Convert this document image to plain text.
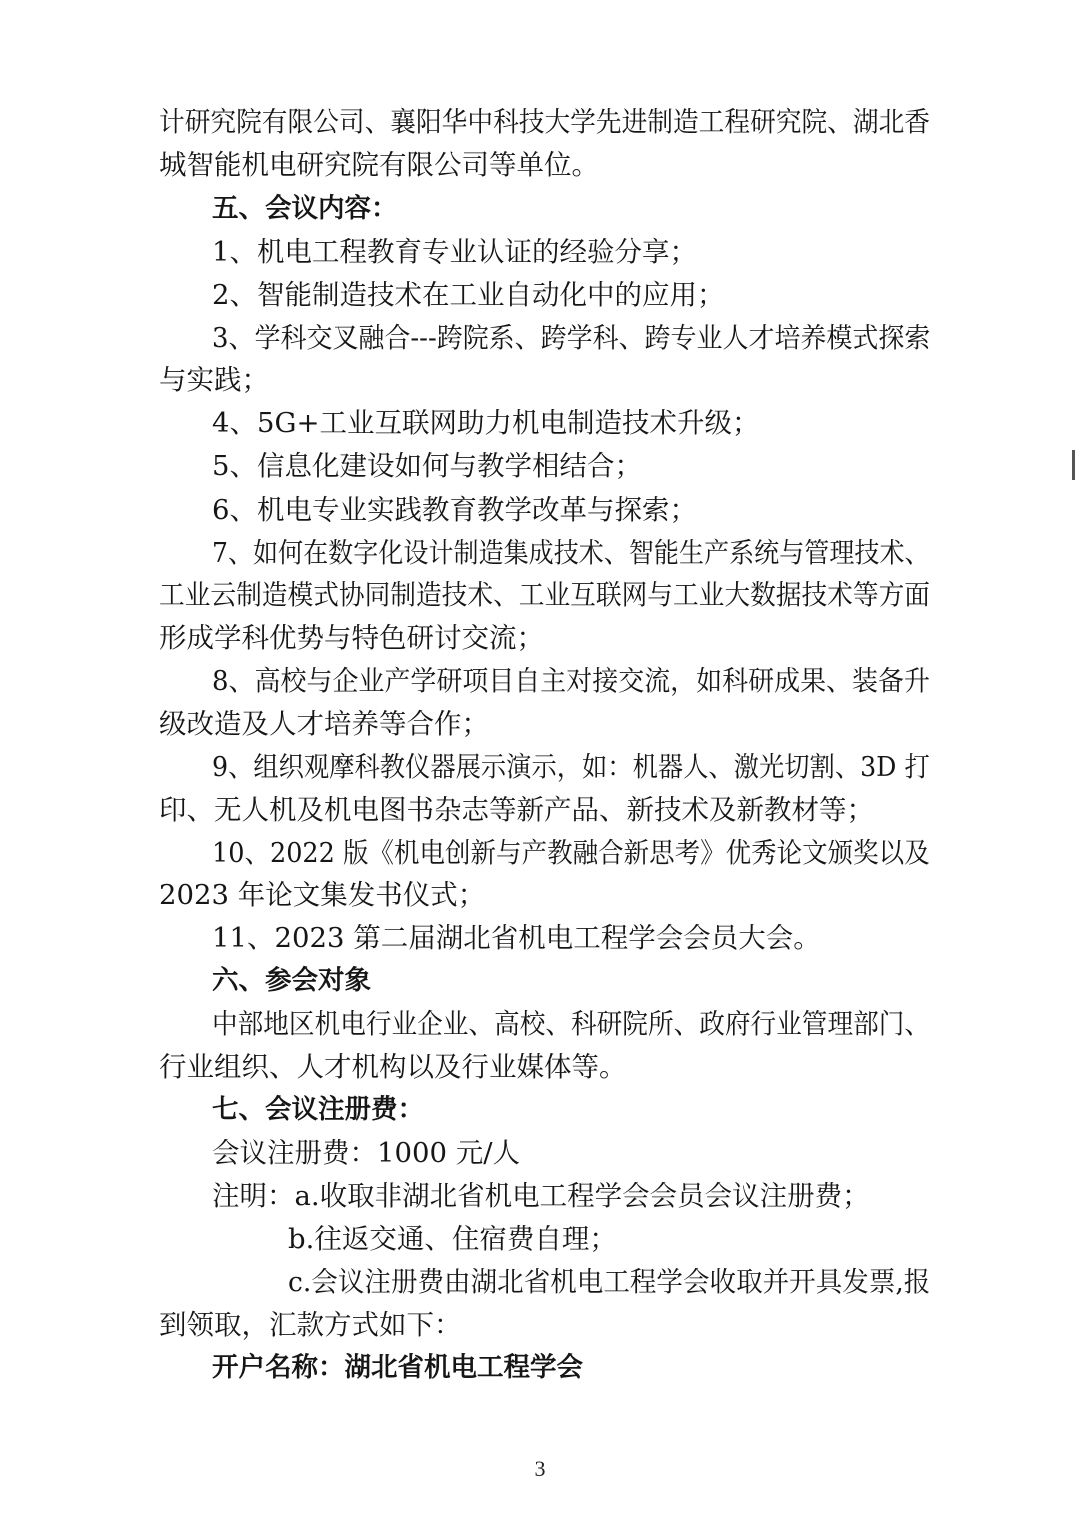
计研究院有限公司、襄阳华中科技大学先进制造工程研究院、湖北香
城智能机电研究院有限公司等单位。
五、会议内容：
1、机电工程教育专业认证的经验分享；
2、智能制造技术在工业自动化中的应用；
3、学科交叉融合---跨院系、跨学科、跨专业人才培养模式探索
与实践；
4、5G+工业互联网助力机电制造技术升级；
5、信息化建设如何与教学相结合；
6、机电专业实践教育教学改革与探索；
7、如何在数字化设计制造集成技术、智能生产系统与管理技术、
工业云制造模式协同制造技术、工业互联网与工业大数据技术等方面
形成学科优势与特色研讨交流；
8、高校与企业产学研项目自主对接交流，如科研成果、装备升
级改造及人才培养等合作；
9、组织观摩科教仪器展示演示，如：机器人、激光切割、3D 打
印、无人机及机电图书杂志等新产品、新技术及新教材等；
10、2022 版《机电创新与产教融合新思考》优秀论文颁奖以及
2023 年论文集发书仪式；
11、2023 第二届湖北省机电工程学会会员大会。
六、参会对象
中部地区机电行业企业、高校、科研院所、政府行业管理部门、
行业组织、人才机构以及行业媒体等。
七、会议注册费：
会议注册费：1000 元/人
注明：a.收取非湖北省机电工程学会会员会议注册费；
b.往返交通、住宿费自理；
c.会议注册费由湖北省机电工程学会收取并开具发票,报
到领取，汇款方式如下：
开户名称：湖北省机电工程学会
3
